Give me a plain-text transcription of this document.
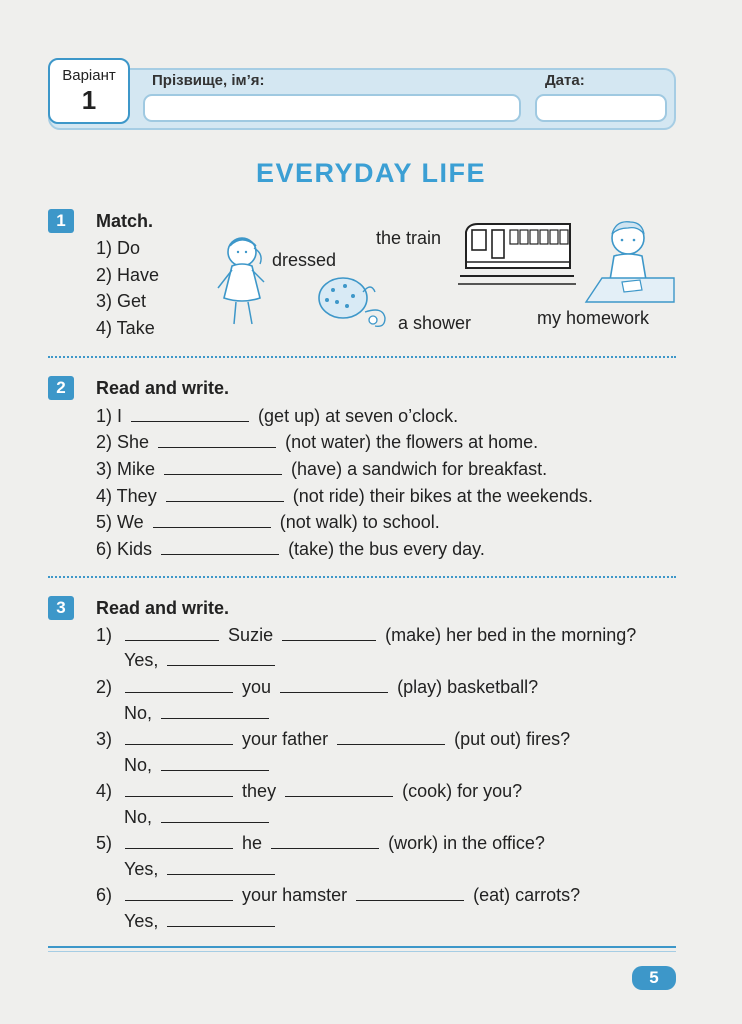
Варіант
1
Прізвище, ім’я:	Дата:
EVERYDAY LIFE
1	Match.
1) Do
2) Have
3) Get
4) Take
dressed
a shower
the train
my homework
2	Read and write.
1) I	(get up) at seven o’clock.
2) She	(not water) the flowers at home.
3) Mike	(have) a sandwich for breakfast.
4) They	(not ride) their bikes at the weekends.
5) We	(not walk) to school.
6) Kids	(take) the bus every day.
3	Read and write.
1)	Suzie	(make) her bed in the morning?
Yes,
2)	you	(play) basketball?
No,
3)	your father	(put out) fires?
No,
4)	they	(cook) for you?
No,
5)	he	(work) in the office?
Yes,
6)	your hamster	(eat) carrots?
Yes,
5
